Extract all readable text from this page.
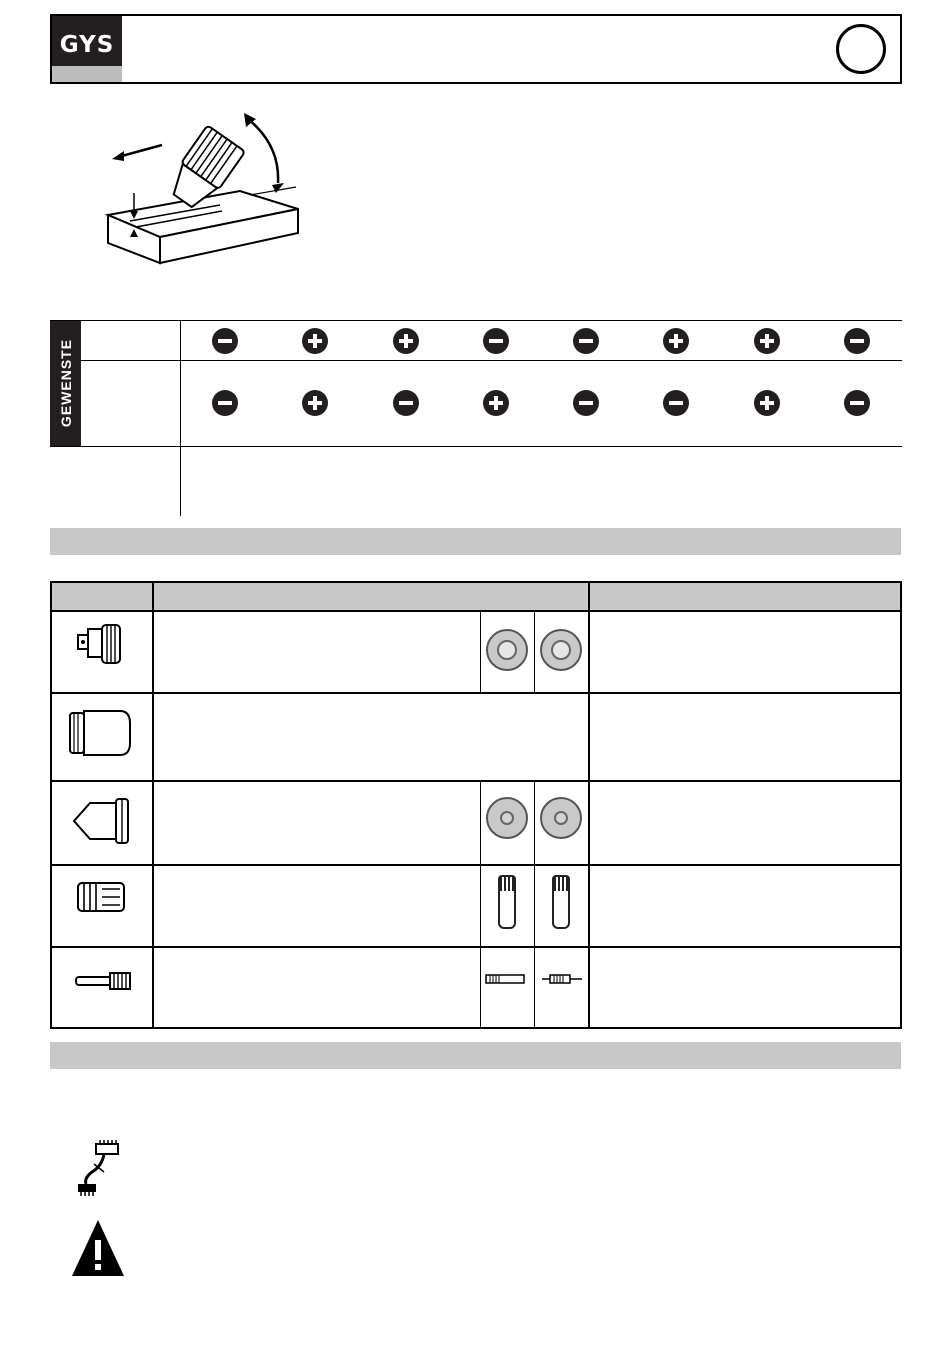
GYS
GEWENSTE
